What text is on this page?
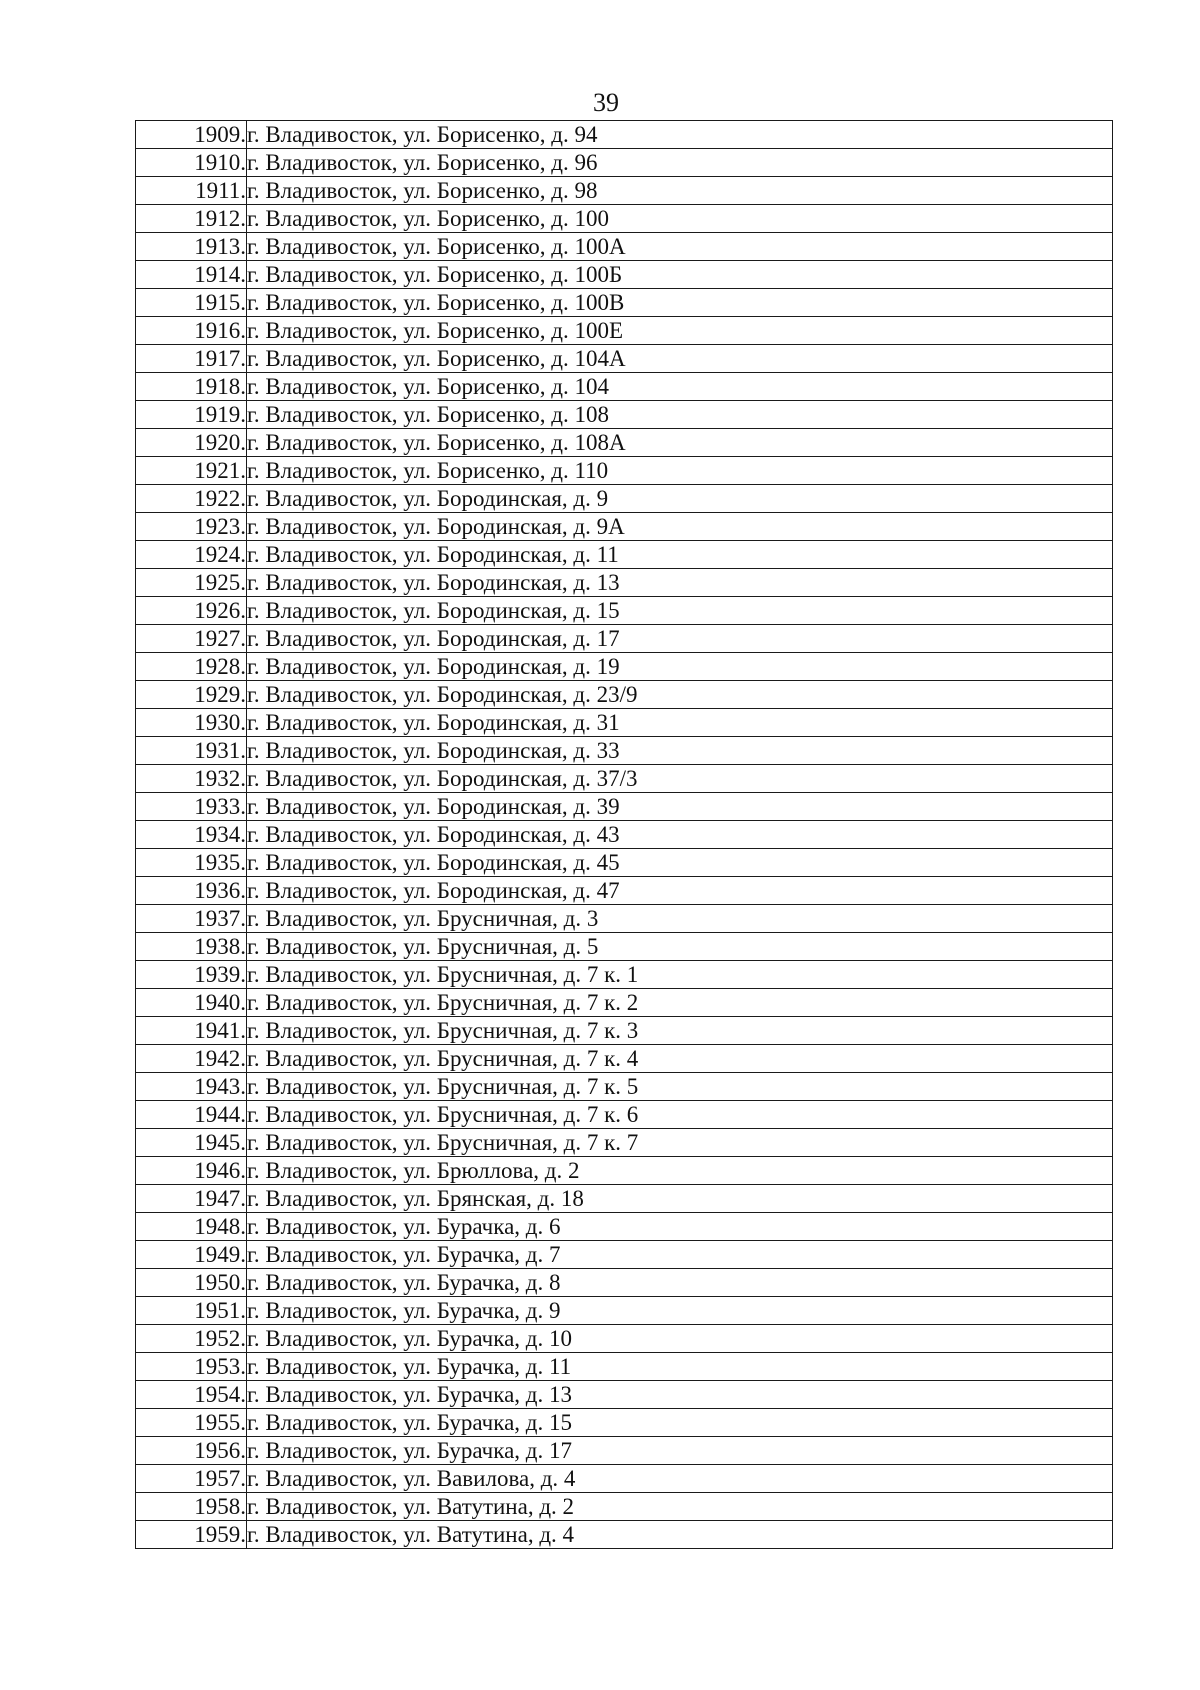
39
1909.	г. Владивосток, ул. Борисенко, д. 94
1910.	г. Владивосток, ул. Борисенко, д. 96
1911.	г. Владивосток, ул. Борисенко, д. 98
1912.	г. Владивосток, ул. Борисенко, д. 100
1913.	г. Владивосток, ул. Борисенко, д. 100А
1914.	г. Владивосток, ул. Борисенко, д. 100Б
1915.	г. Владивосток, ул. Борисенко, д. 100В
1916.	г. Владивосток, ул. Борисенко, д. 100Е
1917.	г. Владивосток, ул. Борисенко, д. 104А
1918.	г. Владивосток, ул. Борисенко, д. 104
1919.	г. Владивосток, ул. Борисенко, д. 108
1920.	г. Владивосток, ул. Борисенко, д. 108А
1921.	г. Владивосток, ул. Борисенко, д. 110
1922.	г. Владивосток, ул. Бородинская, д. 9
1923.	г. Владивосток, ул. Бородинская, д. 9А
1924.	г. Владивосток, ул. Бородинская, д. 11
1925.	г. Владивосток, ул. Бородинская, д. 13
1926.	г. Владивосток, ул. Бородинская, д. 15
1927.	г. Владивосток, ул. Бородинская, д. 17
1928.	г. Владивосток, ул. Бородинская, д. 19
1929.	г. Владивосток, ул. Бородинская, д. 23/9
1930.	г. Владивосток, ул. Бородинская, д. 31
1931.	г. Владивосток, ул. Бородинская, д. 33
1932.	г. Владивосток, ул. Бородинская, д. 37/3
1933.	г. Владивосток, ул. Бородинская, д. 39
1934.	г. Владивосток, ул. Бородинская, д. 43
1935.	г. Владивосток, ул. Бородинская, д. 45
1936.	г. Владивосток, ул. Бородинская, д. 47
1937.	г. Владивосток, ул. Брусничная, д. 3
1938.	г. Владивосток, ул. Брусничная, д. 5
1939.	г. Владивосток, ул. Брусничная, д. 7 к. 1
1940.	г. Владивосток, ул. Брусничная, д. 7 к. 2
1941.	г. Владивосток, ул. Брусничная, д. 7 к. 3
1942.	г. Владивосток, ул. Брусничная, д. 7 к. 4
1943.	г. Владивосток, ул. Брусничная, д. 7 к. 5
1944.	г. Владивосток, ул. Брусничная, д. 7 к. 6
1945.	г. Владивосток, ул. Брусничная, д. 7 к. 7
1946.	г. Владивосток, ул. Брюллова, д. 2
1947.	г. Владивосток, ул. Брянская, д. 18
1948.	г. Владивосток, ул. Бурачка, д. 6
1949.	г. Владивосток, ул. Бурачка, д. 7
1950.	г. Владивосток, ул. Бурачка, д. 8
1951.	г. Владивосток, ул. Бурачка, д. 9
1952.	г. Владивосток, ул. Бурачка, д. 10
1953.	г. Владивосток, ул. Бурачка, д. 11
1954.	г. Владивосток, ул. Бурачка, д. 13
1955.	г. Владивосток, ул. Бурачка, д. 15
1956.	г. Владивосток, ул. Бурачка, д. 17
1957.	г. Владивосток, ул. Вавилова, д. 4
1958.	г. Владивосток, ул. Ватутина, д. 2
1959.	г. Владивосток, ул. Ватутина, д. 4
